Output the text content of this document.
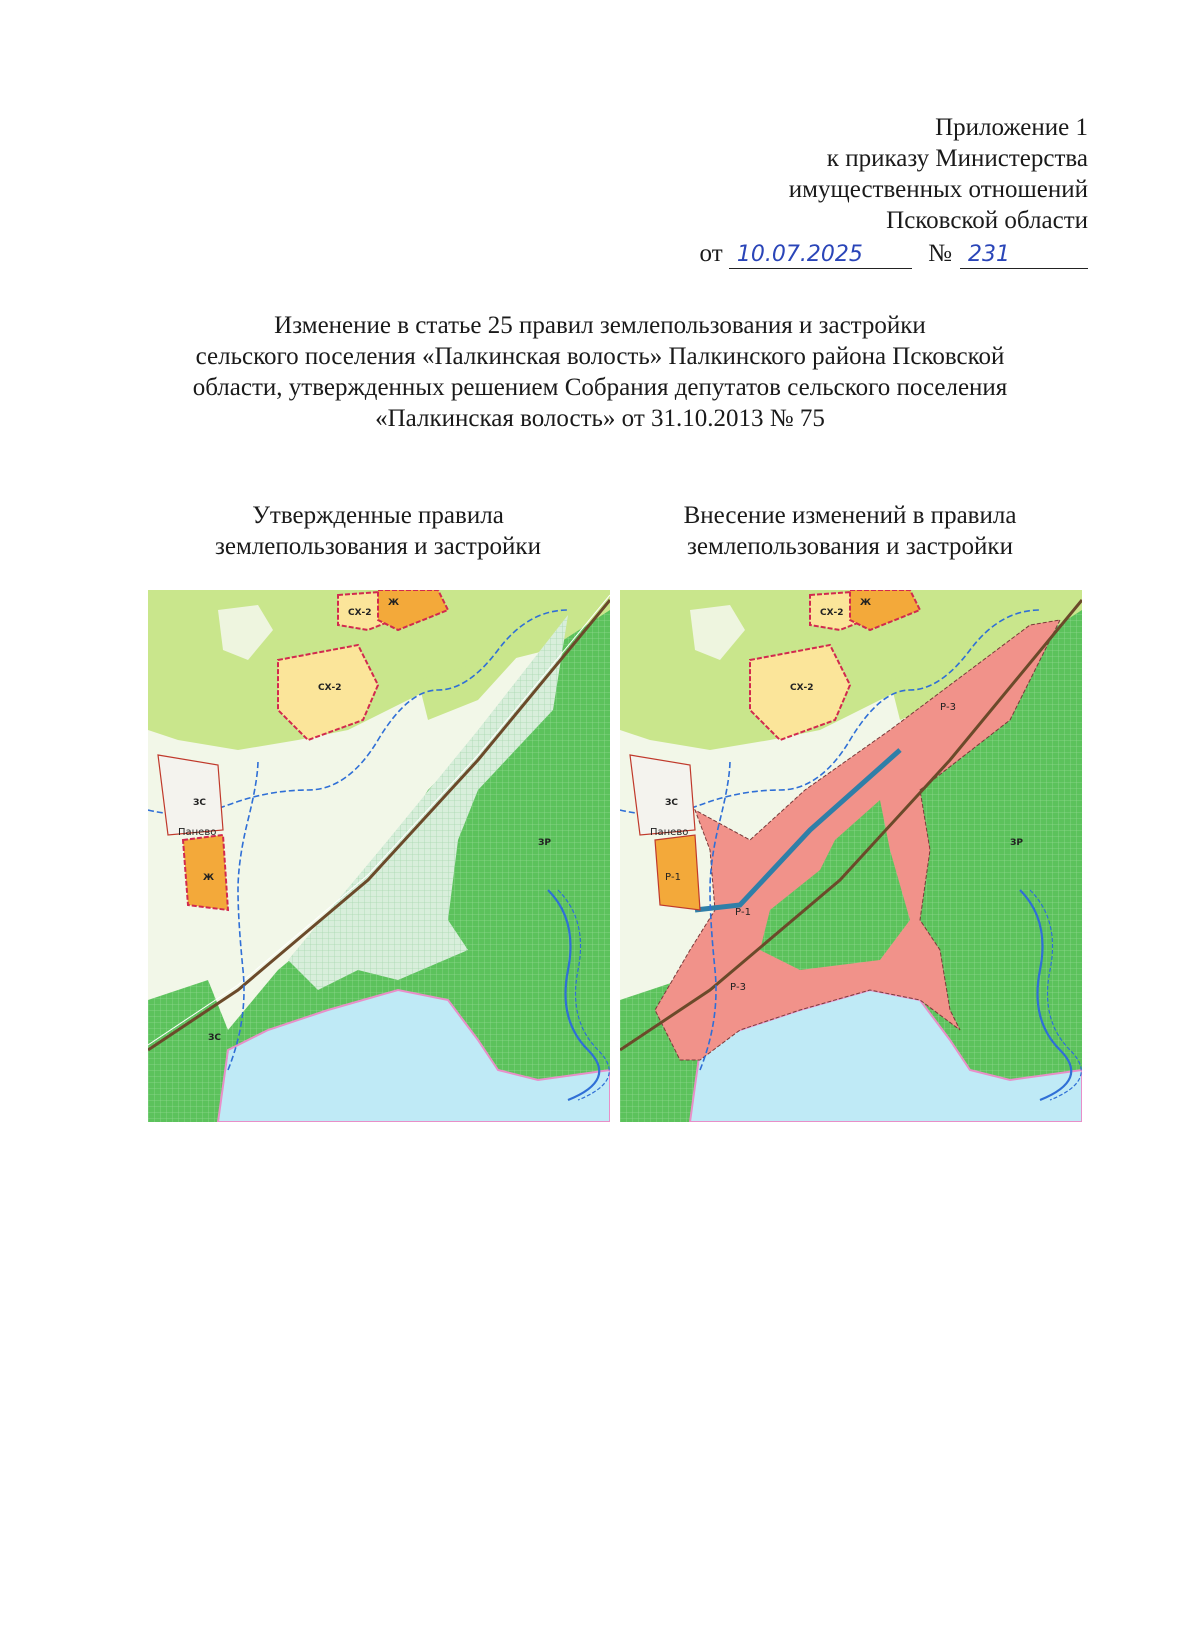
Приложение 1
к приказу Министерства
имущественных отношений
Псковской области
от 10.07.2025	№ 231
Изменение в статье 25 правил землепользования и застройки
сельского поселения «Палкинская волость» Палкинского района Псковской
области, утвержденных решением Собрания депутатов сельского поселения
«Палкинская волость» от 31.10.2013 № 75
Утвержденные правила
землепользования и застройки
Внесение изменений в правила
землепользования и застройки
СХ-2
СХ-2
Ж
ЗС
Панево
Ж
ЗР
ЗС
СХ-2
СХ-2
Ж
ЗС
Панево
Р-1
Р-3
Р-3
Р-1
ЗР
